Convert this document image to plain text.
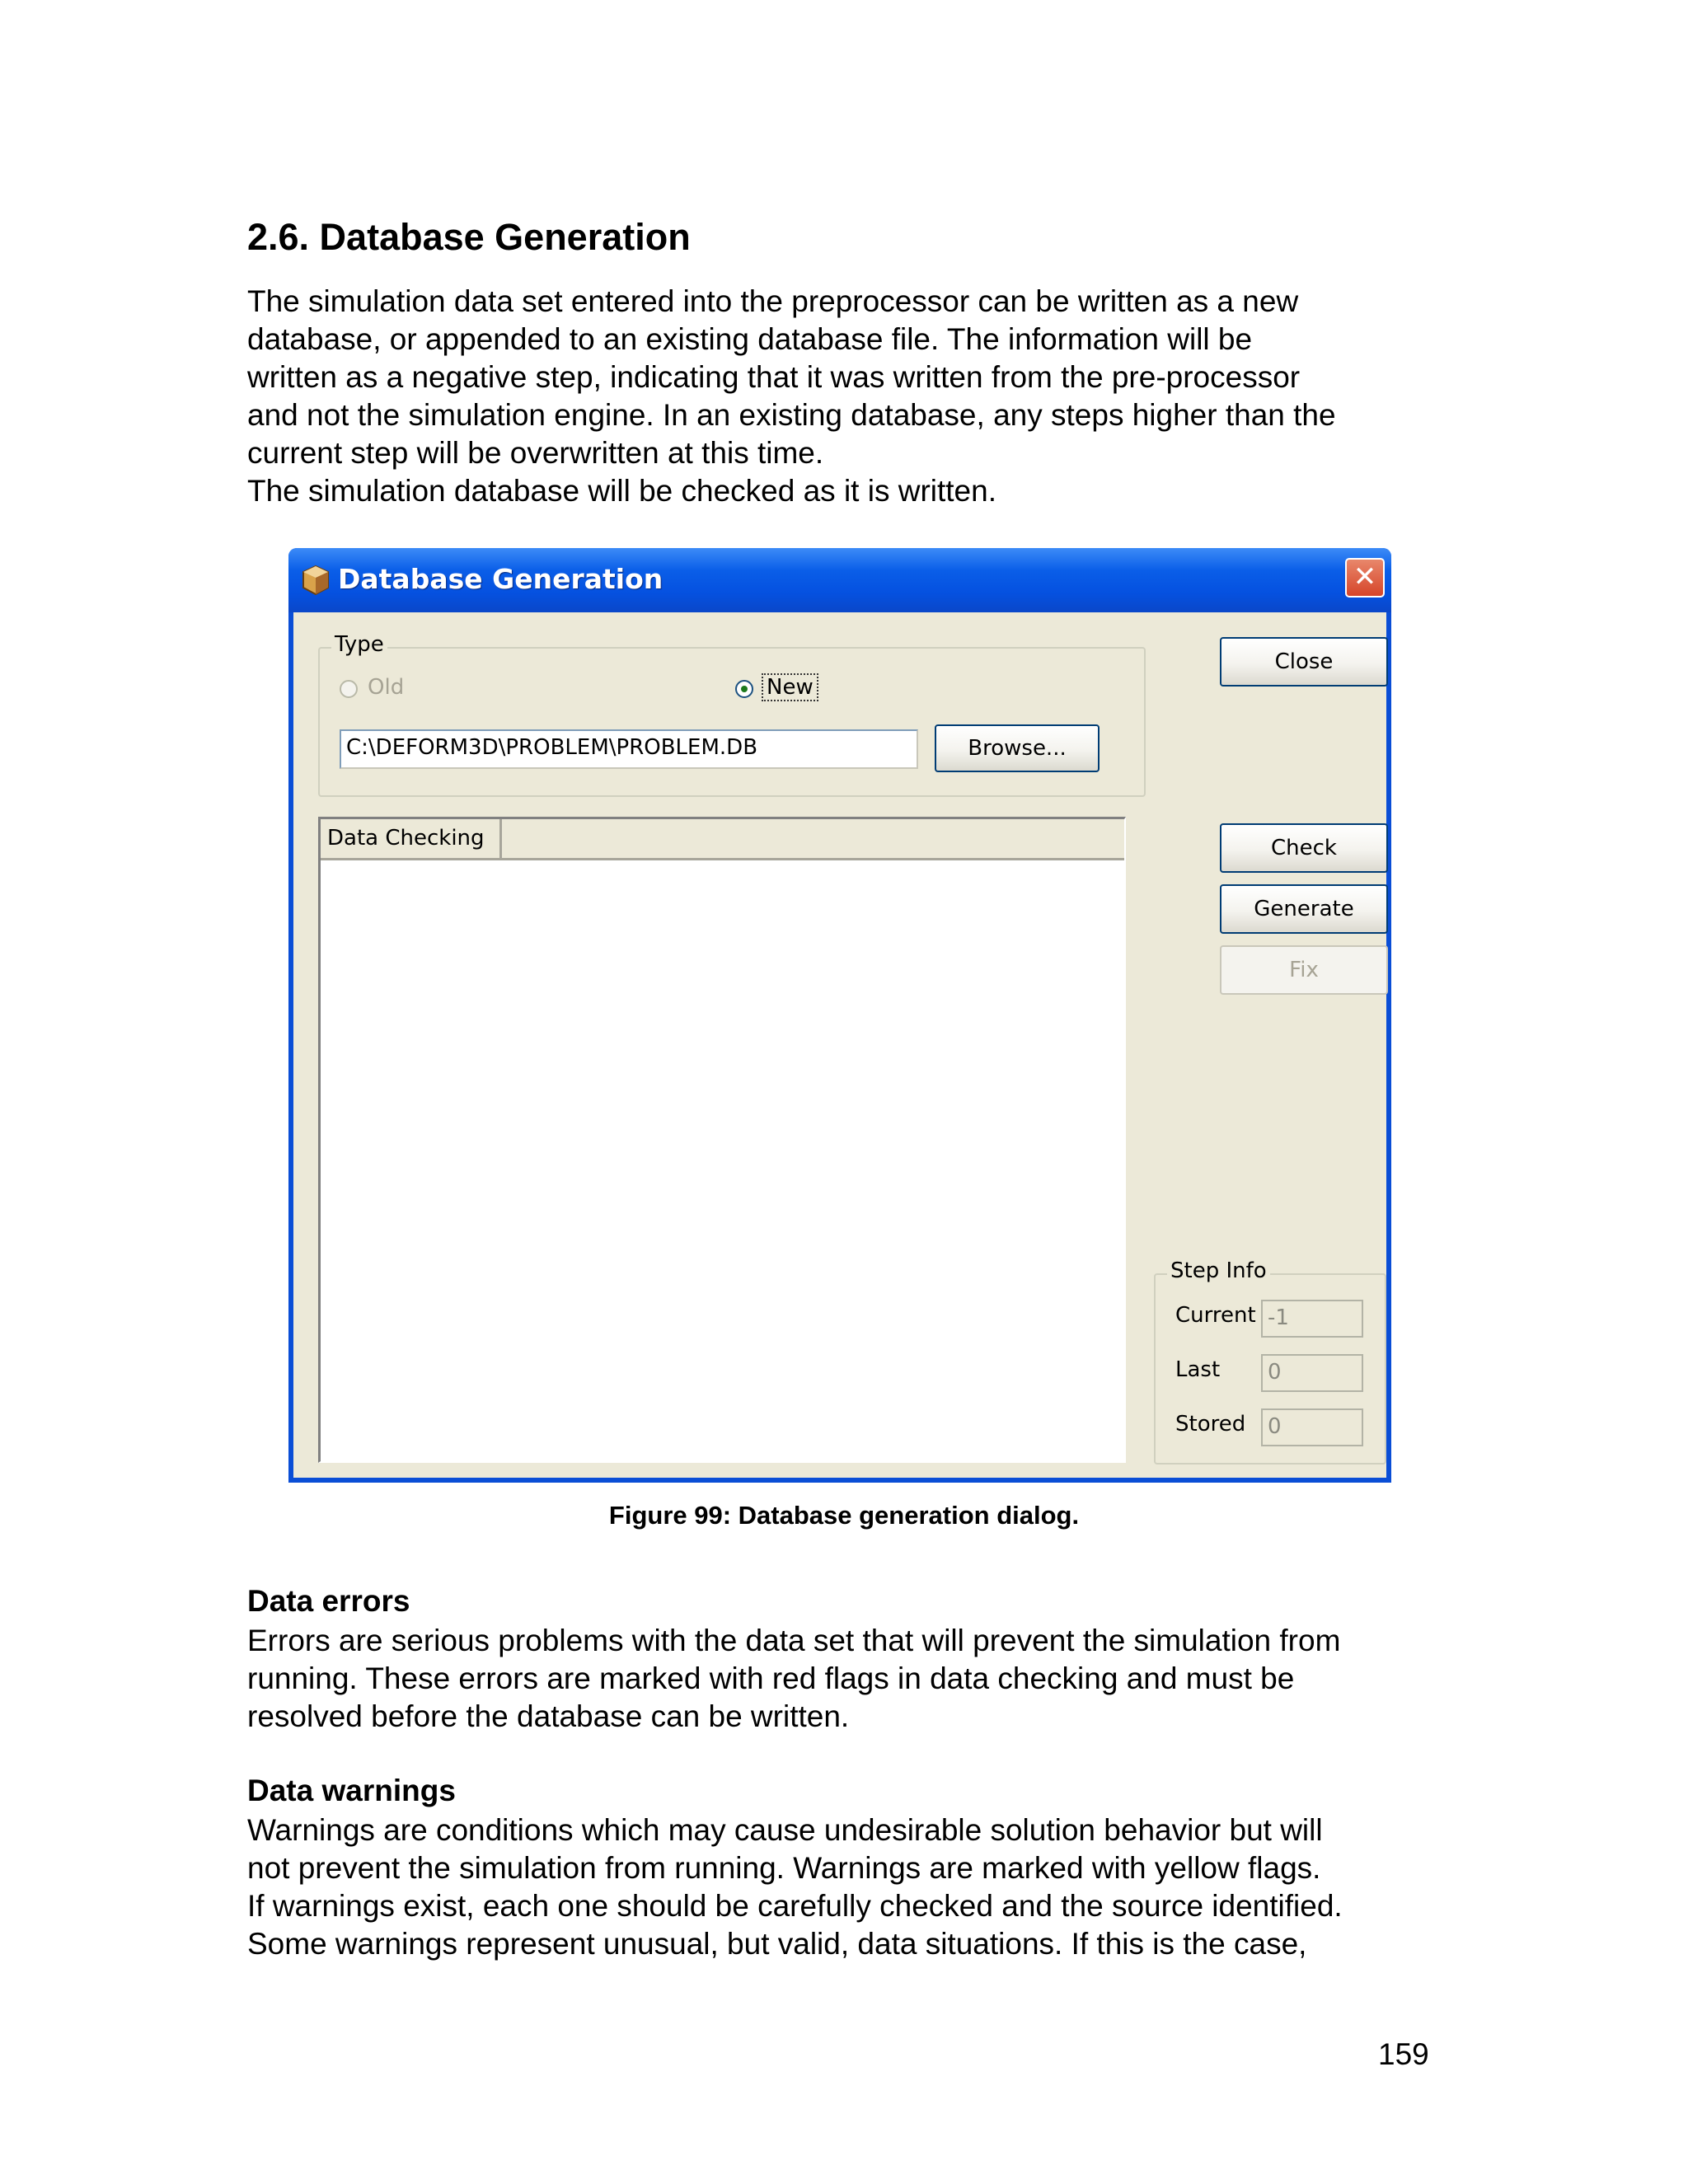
2.6. Database Generation

The simulation data set entered into the preprocessor can be written as a new

database, or appended to an existing database file. The information will be

written as a negative step, indicating that it was written from the pre-processor

and not the simulation engine. In an existing database, any steps higher than the

current step will be overwritten at this time.

The simulation database will be checked as it is written.

Database Generation	✕
Type
Old	New
C:\DEFORM3D\PROBLEM\PROBLEM.DB	Browse...
Data Checking
Close
Check
Generate
Fix
Step Info
Current -1
Last	0
Stored	0
Figure 99: Database generation dialog.
Data errors
Errors are serious problems with the data set that will prevent the simulation from
running. These errors are marked with red flags in data checking and must be
resolved before the database can be written.
Data warnings
Warnings are conditions which may cause undesirable solution behavior but will
not prevent the simulation from running. Warnings are marked with yellow flags.
If warnings exist, each one should be carefully checked and the source identified.
Some warnings represent unusual, but valid, data situations. If this is the case,
159
